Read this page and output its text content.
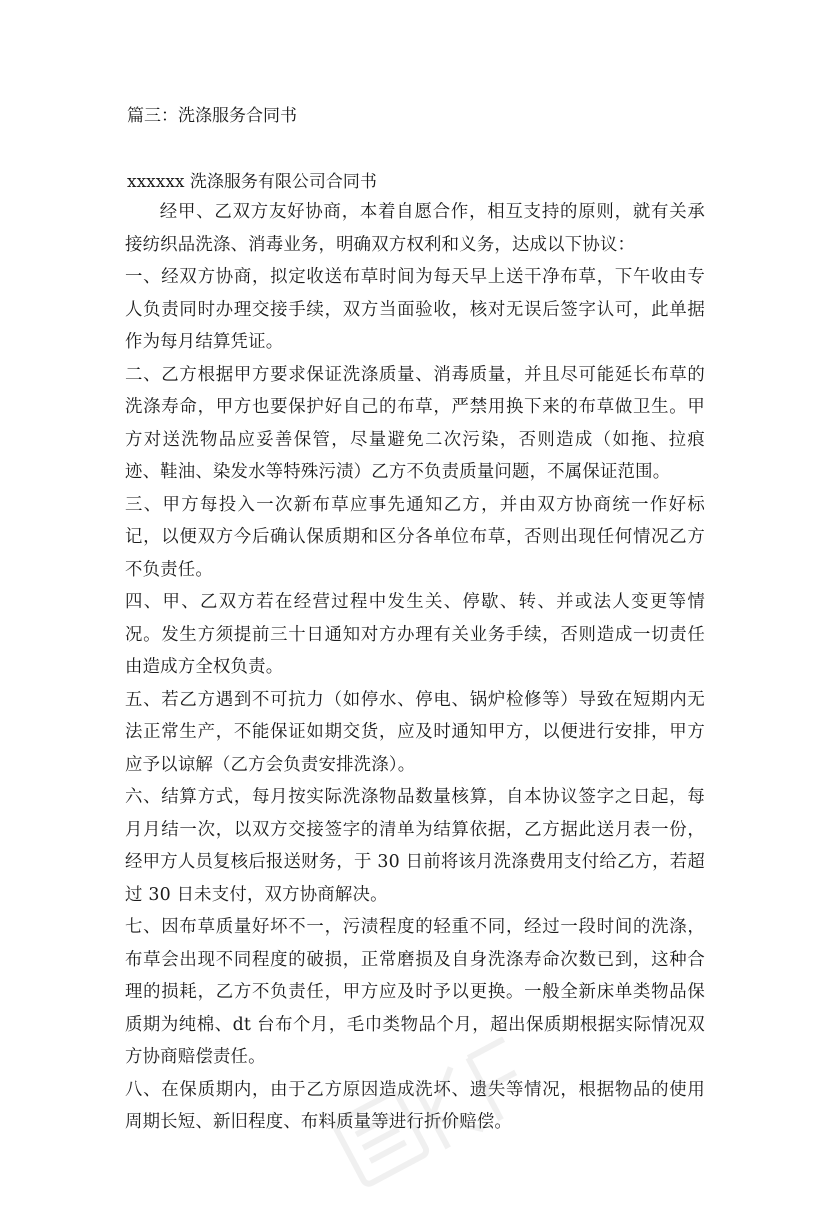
篇三：洗涤服务合同书
xxxxxx 洗涤服务有限公司合同书

经甲、乙双方友好协商，本着自愿合作，相互支持的原则，就有关承接纺织品洗涤、消毒业务，明确双方权利和义务，达成以下协议：

一、经双方协商，拟定收送布草时间为每天早上送干净布草，下午收由专人负责同时办理交接手续，双方当面验收，核对无误后签字认可，此单据作为每月结算凭证。

二、乙方根据甲方要求保证洗涤质量、消毒质量，并且尽可能延长布草的洗涤寿命，甲方也要保护好自己的布草，严禁用换下来的布草做卫生。甲方对送洗物品应妥善保管，尽量避免二次污染，否则造成（如拖、拉痕迹、鞋油、染发水等特殊污渍）乙方不负责质量问题，不属保证范围。

三、甲方每投入一次新布草应事先通知乙方，并由双方协商统一作好标记，以便双方今后确认保质期和区分各单位布草，否则出现任何情况乙方不负责任。

四、甲、乙双方若在经营过程中发生关、停歇、转、并或法人变更等情况。发生方须提前三十日通知对方办理有关业务手续，否则造成一切责任由造成方全权负责。

五、若乙方遇到不可抗力（如停水、停电、锅炉检修等）导致在短期内无法正常生产，不能保证如期交货，应及时通知甲方，以便进行安排，甲方应予以谅解（乙方会负责安排洗涤）。

六、结算方式，每月按实际洗涤物品数量核算，自本协议签字之日起，每月月结一次，以双方交接签字的清单为结算依据，乙方据此送月表一份，经甲方人员复核后报送财务，于 30 日前将该月洗涤费用支付给乙方，若超过 30 日未支付，双方协商解决。

七、因布草质量好坏不一，污渍程度的轻重不同，经过一段时间的洗涤，布草会出现不同程度的破损，正常磨损及自身洗涤寿命次数已到，这种合理的损耗，乙方不负责任，甲方应及时予以更换。一般全新床单类物品保质期为纯棉、dt 台布个月，毛巾类物品个月，超出保质期根据实际情况双方协商赔偿责任。

八、在保质期内，由于乙方原因造成洗坏、遗失等情况，根据物品的使用周期长短、新旧程度、布料质量等进行折价赔偿。
